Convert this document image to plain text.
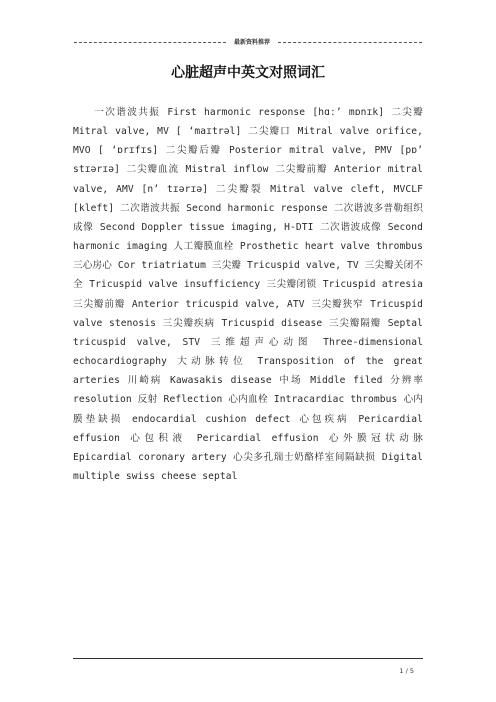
最新资料推荐
心脏超声中英文对照词汇

一次谐波共振 First harmonic response [hɑː’ mɒnɪk] 二尖瓣 Mitral valve, MV [ ‘maɪtrəl] 二尖瓣口 Mitral valve orifice, MVO [ ‘ɒrɪfɪs] 二尖瓣后瓣 Posterior mitral valve, PMV [pɒ’ stɪərɪə] 二尖瓣血流 Mistral inflow 二尖瓣前瓣 Anterior mitral valve, AMV [n’ tɪərɪə] 二尖瓣裂 Mitral valve cleft, MVCLF [kleft] 二次谐波共振 Second harmonic response 二次谐波多普勒组织成像 Second Doppler tissue imaging, H-DTI 二次谐波成像 Second harmonic imaging 人工瓣膜血栓 Prosthetic heart valve thrombus 三心房心 Cor triatriatum 三尖瓣 Tricuspid valve, TV 三尖瓣关闭不全 Tricuspid valve insufficiency 三尖瓣闭锁 Tricuspid atresia 三尖瓣前瓣 Anterior tricuspid valve, ATV 三尖瓣狭窄 Tricuspid valve stenosis 三尖瓣疾病 Tricuspid disease 三尖瓣隔瓣 Septal tricuspid valve, STV 三维超声心动图 Three-dimensional echocardiography 大动脉转位 Transposition of the great arteries 川崎病 Kawasakis disease 中场 Middle filed 分辨率 resolution 反射 Reflection 心内血栓 Intracardiac thrombus 心内膜垫缺损 endocardial cushion defect 心包疾病 Pericardial effusion 心包积液 Pericardial effusion 心外膜冠状动脉 Epicardial coronary artery 心尖多孔瑞士奶酪样室间隔缺损 Digital multiple swiss cheese septal

1 / 5
